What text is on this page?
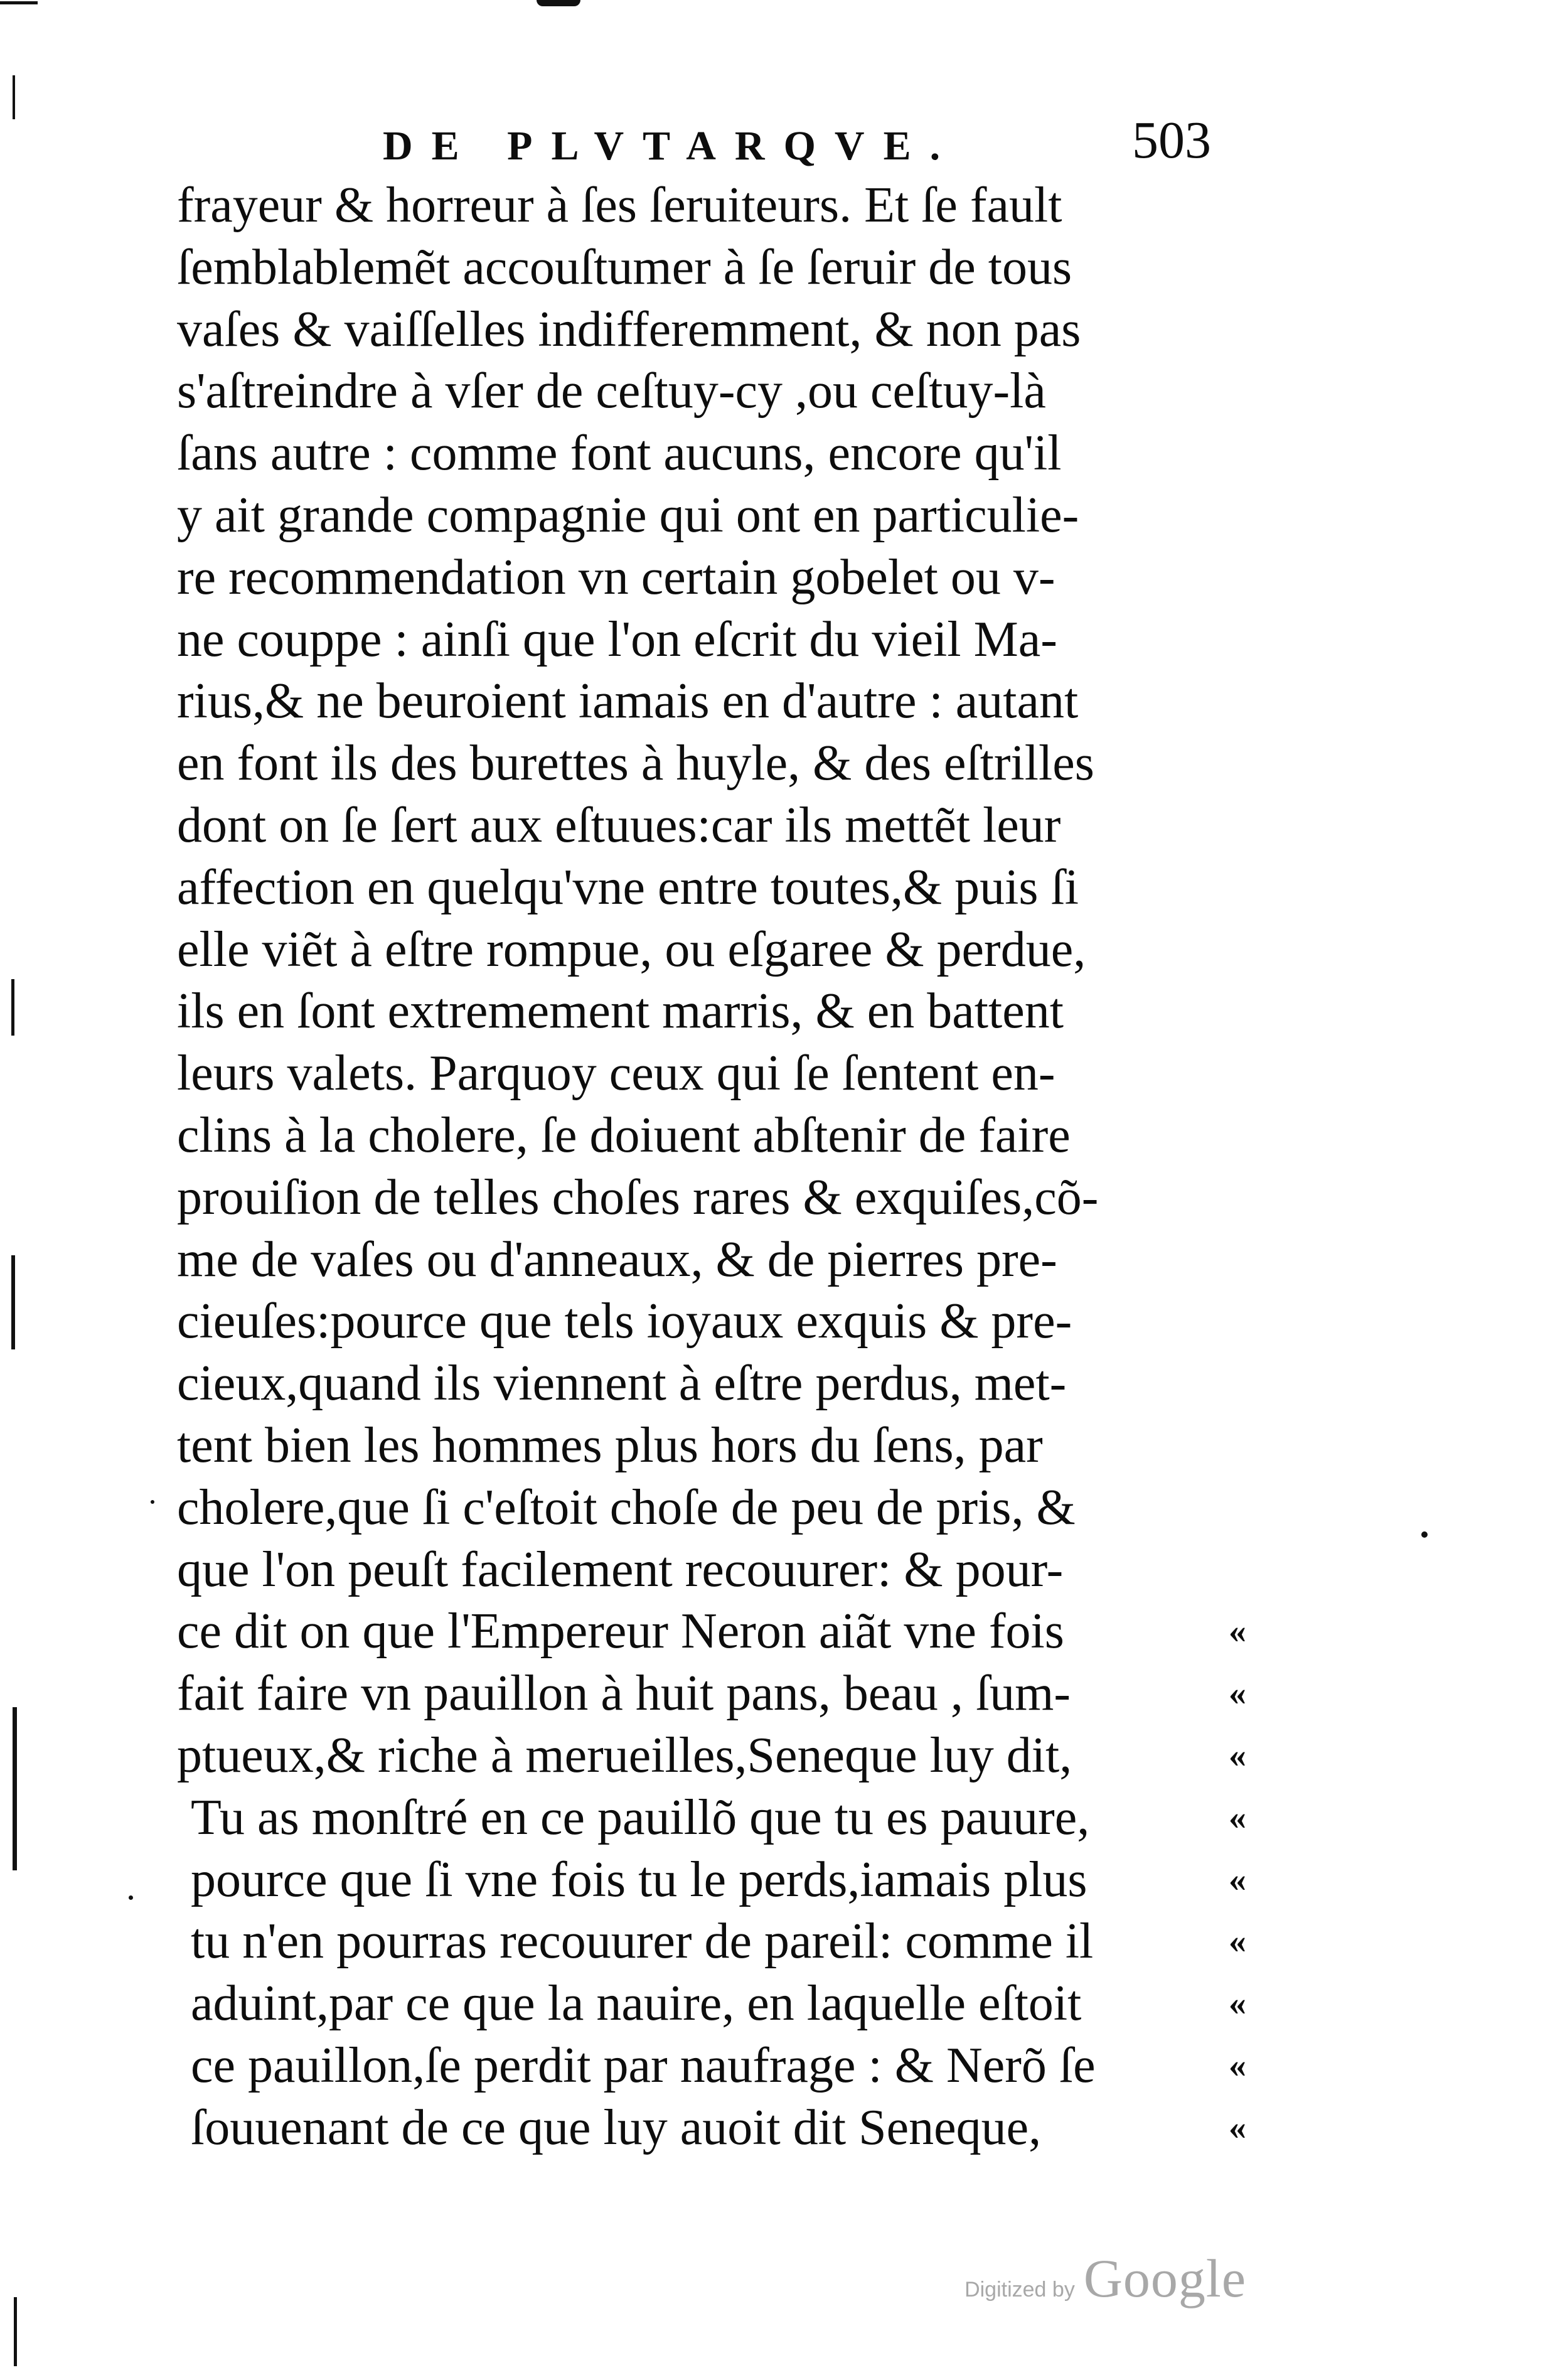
DE PLVTARQVE.	503
frayeur & horreur à ſes ſeruiteurs. Et ſe fault
ſemblablemẽt accouſtumer à ſe ſeruir de tous
vaſes & vaiſſelles indifferemment, & non pas
s'aſtreindre à vſer de ceſtuy-cy ,ou ceſtuy-là
ſans autre : comme font aucuns, encore qu'il
y ait grande compagnie qui ont en particulie-
re recommendation vn certain gobelet ou v-
ne couppe : ainſi que l'on eſcrit du vieil Ma-
rius,& ne beuroient iamais en d'autre : autant
en font ils des burettes à huyle, & des eſtrilles
dont on ſe ſert aux eſtuues:car ils mettẽt leur
affection en quelqu'vne entre toutes,& puis ſi
elle viẽt à eſtre rompue, ou eſgaree & perdue,
ils en ſont extremement marris, & en battent
leurs valets. Parquoy ceux qui ſe ſentent en-
clins à la cholere, ſe doiuent abſtenir de faire
prouiſion de telles choſes rares & exquiſes,cõ-
me de vaſes ou d'anneaux, & de pierres pre-
cieuſes:pource que tels ioyaux exquis & pre-
cieux,quand ils viennent à eſtre perdus, met-
tent bien les hommes plus hors du ſens, par
cholere,que ſi c'eſtoit choſe de peu de pris, &
que l'on peuſt facilement recouurer: & pour-
ce dit on que l'Empereur Neron aiãt vne fois	«
fait faire vn pauillon à huit pans, beau , ſum-	«
ptueux,& riche à merueilles,Seneque luy dit,	«
Tu as monſtré en ce pauillõ que tu es pauure,	«
pource que ſi vne fois tu le perds,iamais plus	«
tu n'en pourras recouurer de pareil: comme il	«
aduint,par ce que la nauire, en laquelle eſtoit	«
ce pauillon,ſe perdit par naufrage : & Nerõ ſe	«
ſouuenant de ce que luy auoit dit Seneque,	«
Digitized by Google
